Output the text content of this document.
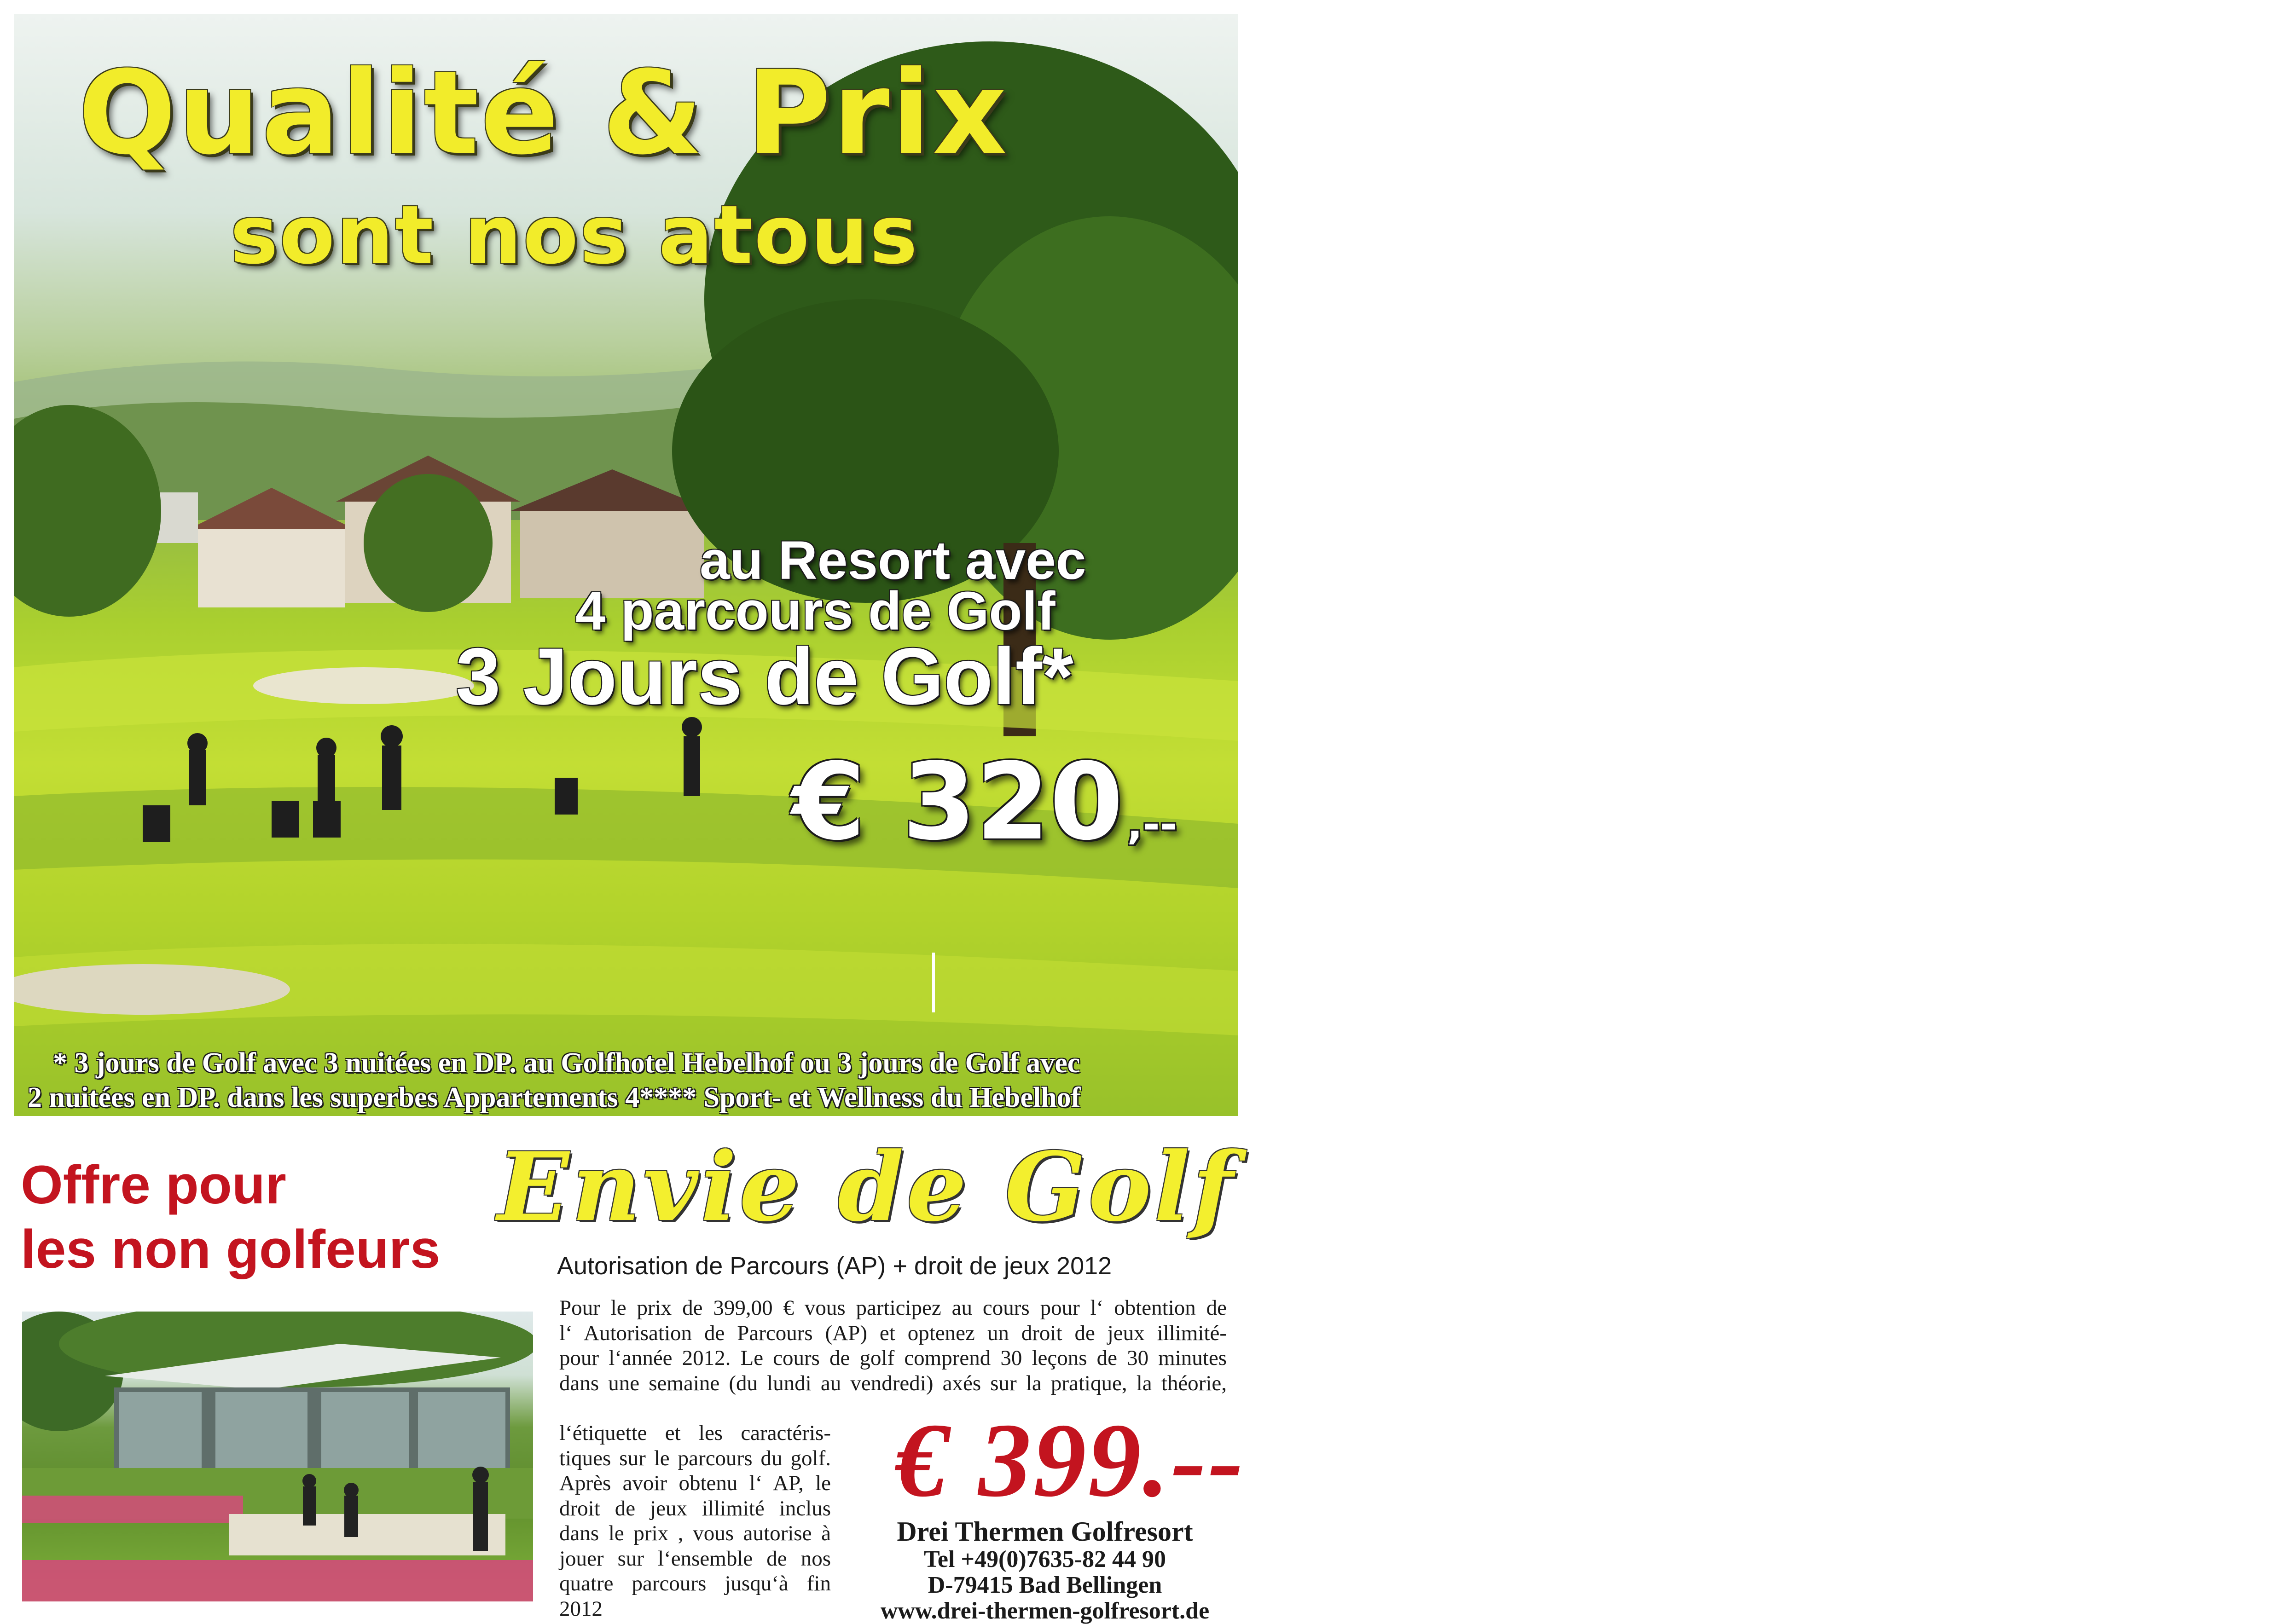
Qualité & Prix

sont nos atous

au Resort avec

4 parcours de Golf

3 Jours de Golf*

€ 320,--

* 3 jours de Golf avec 3 nuitées en DP. au Golfhotel Hebelhof ou 3 jours de Golf avec

2 nuitées en DP. dans les superbes Appartements 4**** Sport- et Wellness du Hebelhof

Offre pour
les non golfeurs

Envie de Golf

Autorisation de Parcours (AP) + droit de jeux 2012

Pour le prix de 399,00 € vous participez au cours pour l‘ obtention de
l‘ Autorisation de Parcours (AP) et optenez un droit de jeux illimité-
pour l‘année 2012. Le cours de golf comprend 30 leçons de 30 minutes
dans une semaine (du lundi au vendredi) axés sur la pratique, la théorie,

l‘étiquette et les caractéris-
tiques sur le parcours du golf.
Après avoir obtenu l‘ AP, le
droit de jeux illimité inclus
dans le prix , vous autorise à
jouer sur l‘ensemble de nos
quatre parcours jusqu‘à fin
2012

€ 399.--

Drei Thermen Golfresort
Tel +49(0)7635-82 44 90
D-79415 Bad Bellingen
www.drei-thermen-golfresort.de
